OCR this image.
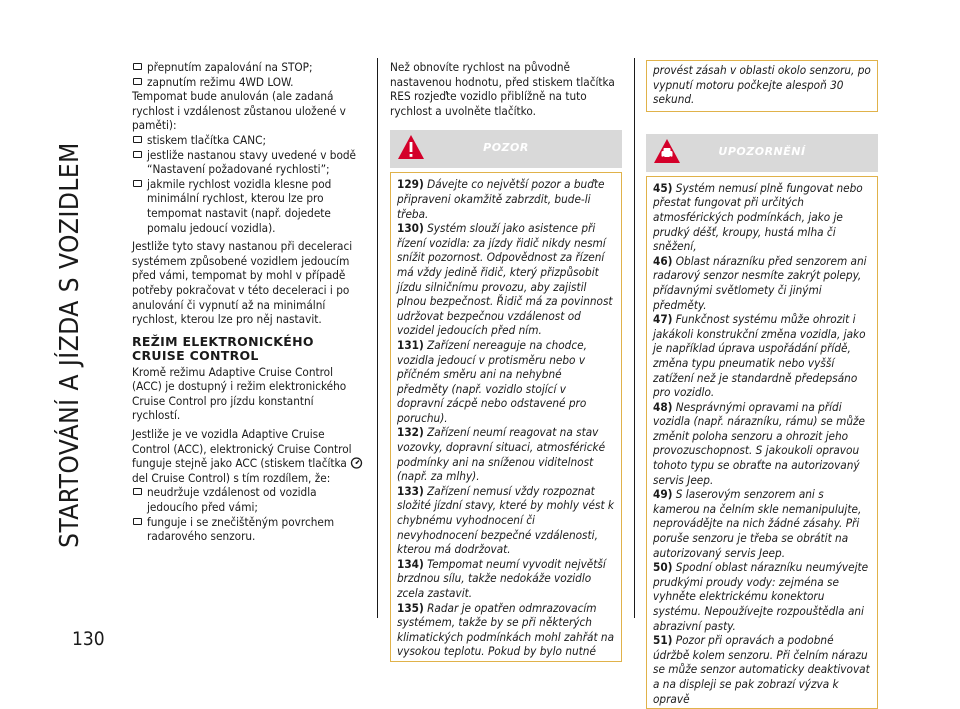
STARTOVÁNÍ A JÍZDA S VOZIDLEM
130
přepnutím zapalování na STOP;
zapnutím režimu 4WD LOW.

Tempomat bude anulován (ale zadaná rychlost i vzdálenost zůstanou uložené v paměti):

stiskem tlačítka CANC;
jestliže nastanou stavy uvedené v bodě “Nastavení požadované rychlosti”;
jakmile rychlost vozidla klesne pod minimální rychlost, kterou lze pro tempomat nastavit (např. dojedete pomalu jedoucí vozidla).

Jestliže tyto stavy nastanou při deceleraci systémem způsobené vozidlem jedoucím před vámi, tempomat by mohl v případě potřeby pokračovat v této deceleraci i po anulování či vypnutí až na minimální rychlost, kterou lze pro něj nastavit.

REŽIM ELEKTRONICKÉHO CRUISE CONTROL

Kromě režimu Adaptive Cruise Control (ACC) je dostupný i režim elektronického Cruise Control pro jízdu konstantní rychlostí.

Jestliže je ve vozidla Adaptive Cruise Control (ACC), elektronický Cruise Control funguje stejně jako ACC (stiskem tlačítka  del Cruise Control) s tím rozdílem, že:

neudržuje vzdálenost od vozidla jedoucího před vámi;
funguje i se znečištěným povrchem radarového senzoru.

Než obnovíte rychlost na původně nastavenou hodnotu, před stiskem tlačítka RES rozjeďte vozidlo přiblížně na tuto rychlost a uvolněte tlačítko.

POZOR
129) Dávejte co největší pozor a buďte připraveni okamžitě zabrzdit, bude-li třeba.
130) Systém slouží jako asistence při řízení vozidla: za jízdy řidič nikdy nesmí snížit pozornost. Odpovědnost za řízení má vždy jedině řidič, který přizpůsobit jízdu silničnímu provozu, aby zajistil plnou bezpečnost. Řidič má za povinnost udržovat bezpečnou vzdálenost od vozidel jedoucích před ním.
131) Zařízení nereaguje na chodce, vozidla jedoucí v protisměru nebo v příčném směru ani na nehybné předměty (např. vozidlo stojící v dopravní zácpě nebo odstavené pro poruchu).
132) Zařízení neumí reagovat na stav vozovky, dopravní situaci, atmosférické podmínky ani na sníženou viditelnost (např. za mlhy).
133) Zařízení nemusí vždy rozpoznat složité jízdní stavy, které by mohly vést k chybnému vyhodnocení či nevyhodnocení bezpečné vzdálenosti, kterou má dodržovat.
134) Tempomat neumí vyvodit největší brzdnou sílu, takže nedokáže vozidlo zcela zastavit.
135) Radar je opatřen odmrazovacím systémem, takže by se při některých klimatických podmínkách mohl zahřát na vysokou teplotu. Pokud by bylo nutné
provést zásah v oblasti okolo senzoru, po vypnutí motoru počkejte alespoň 30 sekund.
UPOZORNĚNÍ
45) Systém nemusí plně fungovat nebo přestat fungovat při určitých atmosférických podmínkách, jako je prudký déšť, kroupy, hustá mlha či sněžení,
46) Oblast nárazníku před senzorem ani radarový senzor nesmíte zakrýt polepy, přídavnými světlomety či jinými předměty.
47) Funkčnost systému může ohrozit i jakákoli konstrukční změna vozidla, jako je například úprava uspořádání přídě, změna typu pneumatik nebo vyšší zatížení než je standardně předepsáno pro vozidlo.
48) Nesprávnými opravami na přídi vozidla (např. nárazníku, rámu) se může změnit poloha senzoru a ohrozit jeho provozuschopnost. S jakoukoli opravou tohoto typu se obraťte na autorizovaný servis Jeep.
49) S laserovým senzorem ani s kamerou na čelním skle nemanipulujte, neprovádějte na nich žádné zásahy. Při poruše senzoru je třeba se obrátit na autorizovaný servis Jeep.
50) Spodní oblast nárazníku neumývejte prudkými proudy vody: zejména se vyhněte elektrickému konektoru systému. Nepoužívejte rozpouštědla ani abrazivní pasty.
51) Pozor při opravách a podobné údržbě kolem senzoru. Při čelním nárazu se může senzor automaticky deaktivovat a na displeji se pak zobrazí výzva k opravě
